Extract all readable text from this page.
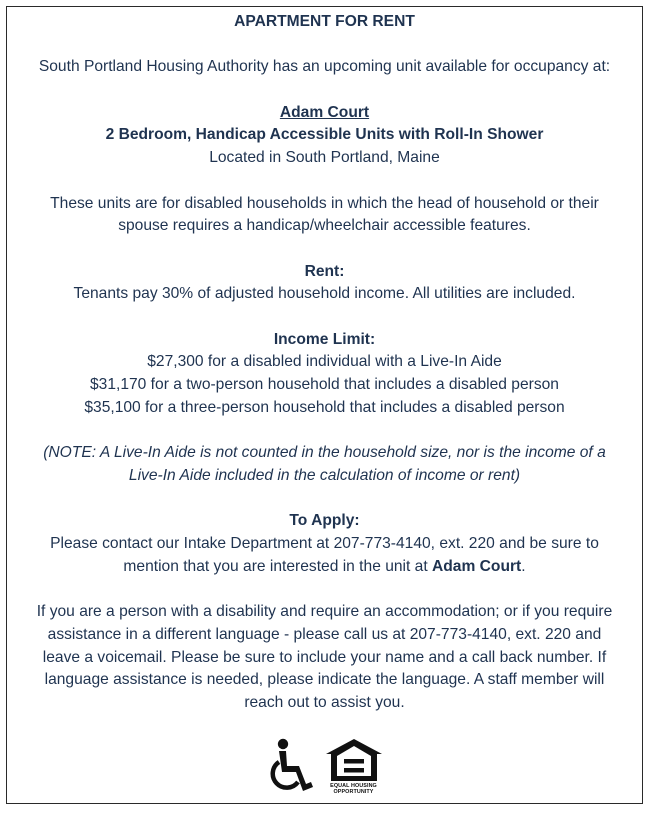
APARTMENT FOR RENT
South Portland Housing Authority has an upcoming unit available for occupancy at:
Adam Court
2 Bedroom, Handicap Accessible Units with Roll-In Shower
Located in South Portland, Maine
These units are for disabled households in which the head of household or their
spouse requires a handicap/wheelchair accessible features.
Rent:
Tenants pay 30% of adjusted household income. All utilities are included.
Income Limit:
$27,300 for a disabled individual with a Live-In Aide
$31,170 for a two-person household that includes a disabled person
$35,100 for a three-person household that includes a disabled person
(NOTE: A Live-In Aide is not counted in the household size, nor is the income of a
Live-In Aide included in the calculation of income or rent)
To Apply:
Please contact our Intake Department at 207-773-4140, ext. 220 and be sure to
mention that you are interested in the unit at Adam Court.
If you are a person with a disability and require an accommodation; or if you require
assistance in a different language - please call us at 207-773-4140, ext. 220 and
leave a voicemail. Please be sure to include your name and a call back number. If
language assistance is needed, please indicate the language. A staff member will
reach out to assist you.
EQUAL HOUSING
OPPORTUNITY
